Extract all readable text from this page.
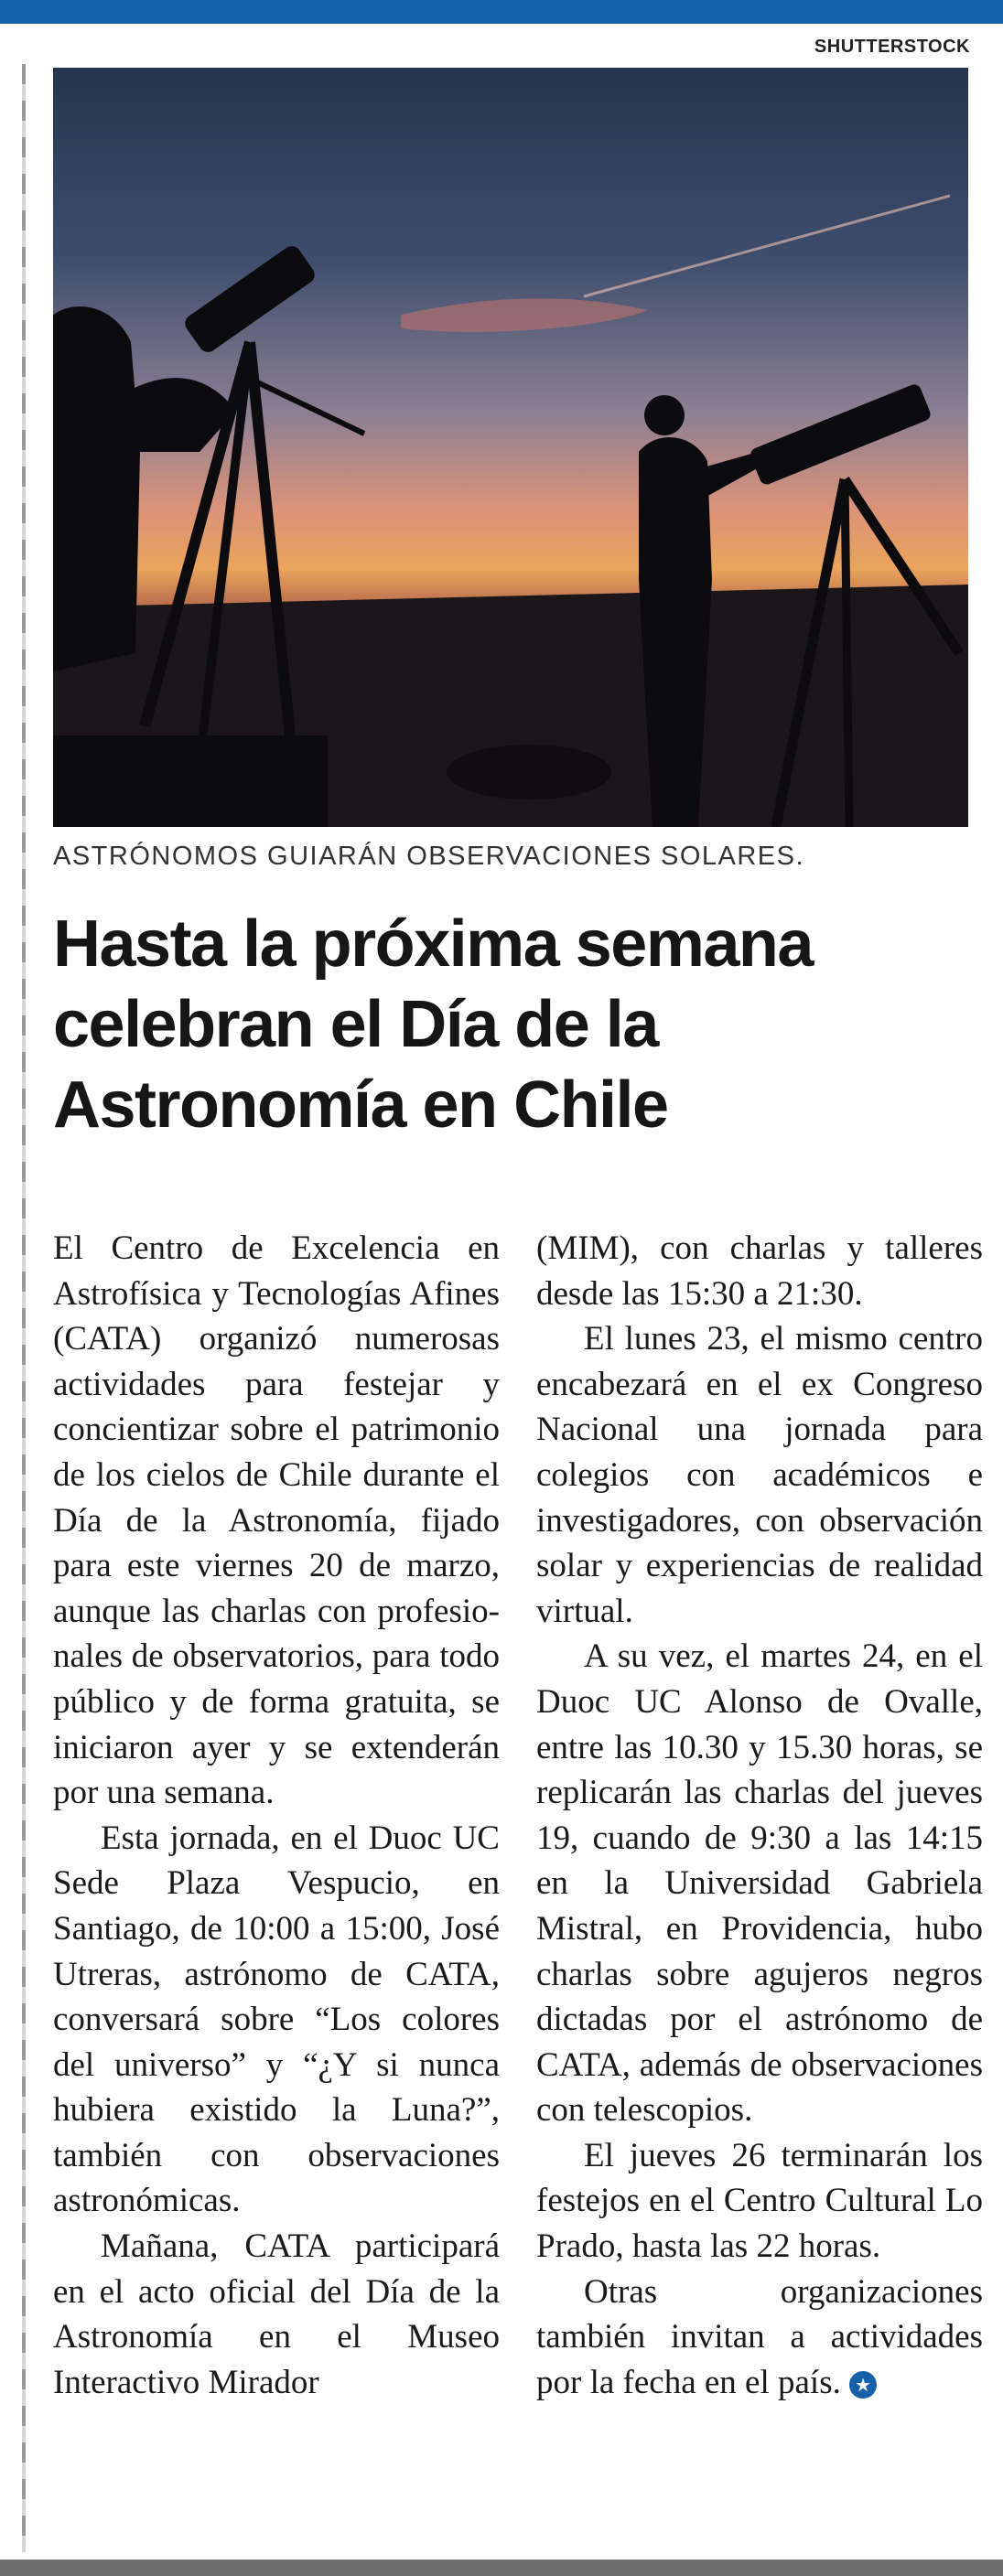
SHUTTERSTOCK
ASTRÓNOMOS GUIARÁN OBSERVACIONES SOLARES.
Hasta la próxima semana celebran el Día de la Astronomía en Chile

El Centro de Excelencia en Astrofísica y Tecnologías Afines (CATA) organizó numerosas actividades para festejar y concientizar sobre el patrimonio de los cielos de Chile durante el Día de la Astronomía, fijado para este viernes 20 de marzo, aunque las charlas con profesionales de observatorios, para todo público y de forma gratuita, se iniciaron ayer y se extenderán por una semana.

Esta jornada, en el Duoc UC Sede Plaza Vespucio, en Santiago, de 10:00 a 15:00, José Utreras, astrónomo de CATA, conversará sobre “Los colores del universo” y “¿Y si nunca hubiera existido la Luna?”, también con observaciones astronómicas.

Mañana, CATA participará en el acto oficial del Día de la Astronomía en el Museo Interactivo Mirador

(MIM), con charlas y talleres desde las 15:30 a 21:30.

El lunes 23, el mismo centro encabezará en el ex Congreso Nacional una jornada para colegios con académicos e investigadores, con observación solar y experiencias de realidad virtual.

A su vez, el martes 24, en el Duoc UC Alonso de Ovalle, entre las 10.30 y 15.30 horas, se replicarán las charlas del jueves 19, cuando de 9:30 a las 14:15 en la Universidad Gabriela Mistral, en Providencia, hubo charlas sobre agujeros negros dictadas por el astrónomo de CATA, además de observaciones con telescopios.

El jueves 26 terminarán los festejos en el Centro Cultural Lo Prado, hasta las 22 horas.

Otras organizaciones también invitan a actividades por la fecha en el país. ★
